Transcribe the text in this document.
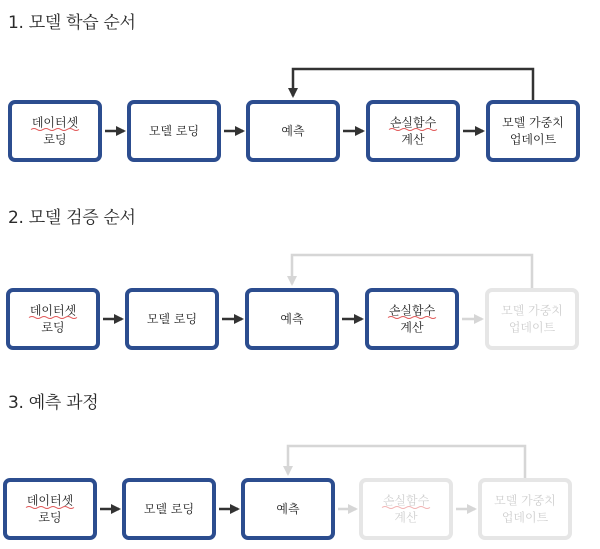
1. 모델 학습 순서
2. 모델 검증 순서
3. 예측 과정
데이터셋
로딩
모델 로딩	예측
손실함수
계산
모델 가중치
업데이트
데이터셋
로딩
모델 로딩	예측
손실함수
계산
모델 가중치
업데이트
데이터셋
로딩
모델 로딩	예측
손실함수
계산
모델 가중치
업데이트
